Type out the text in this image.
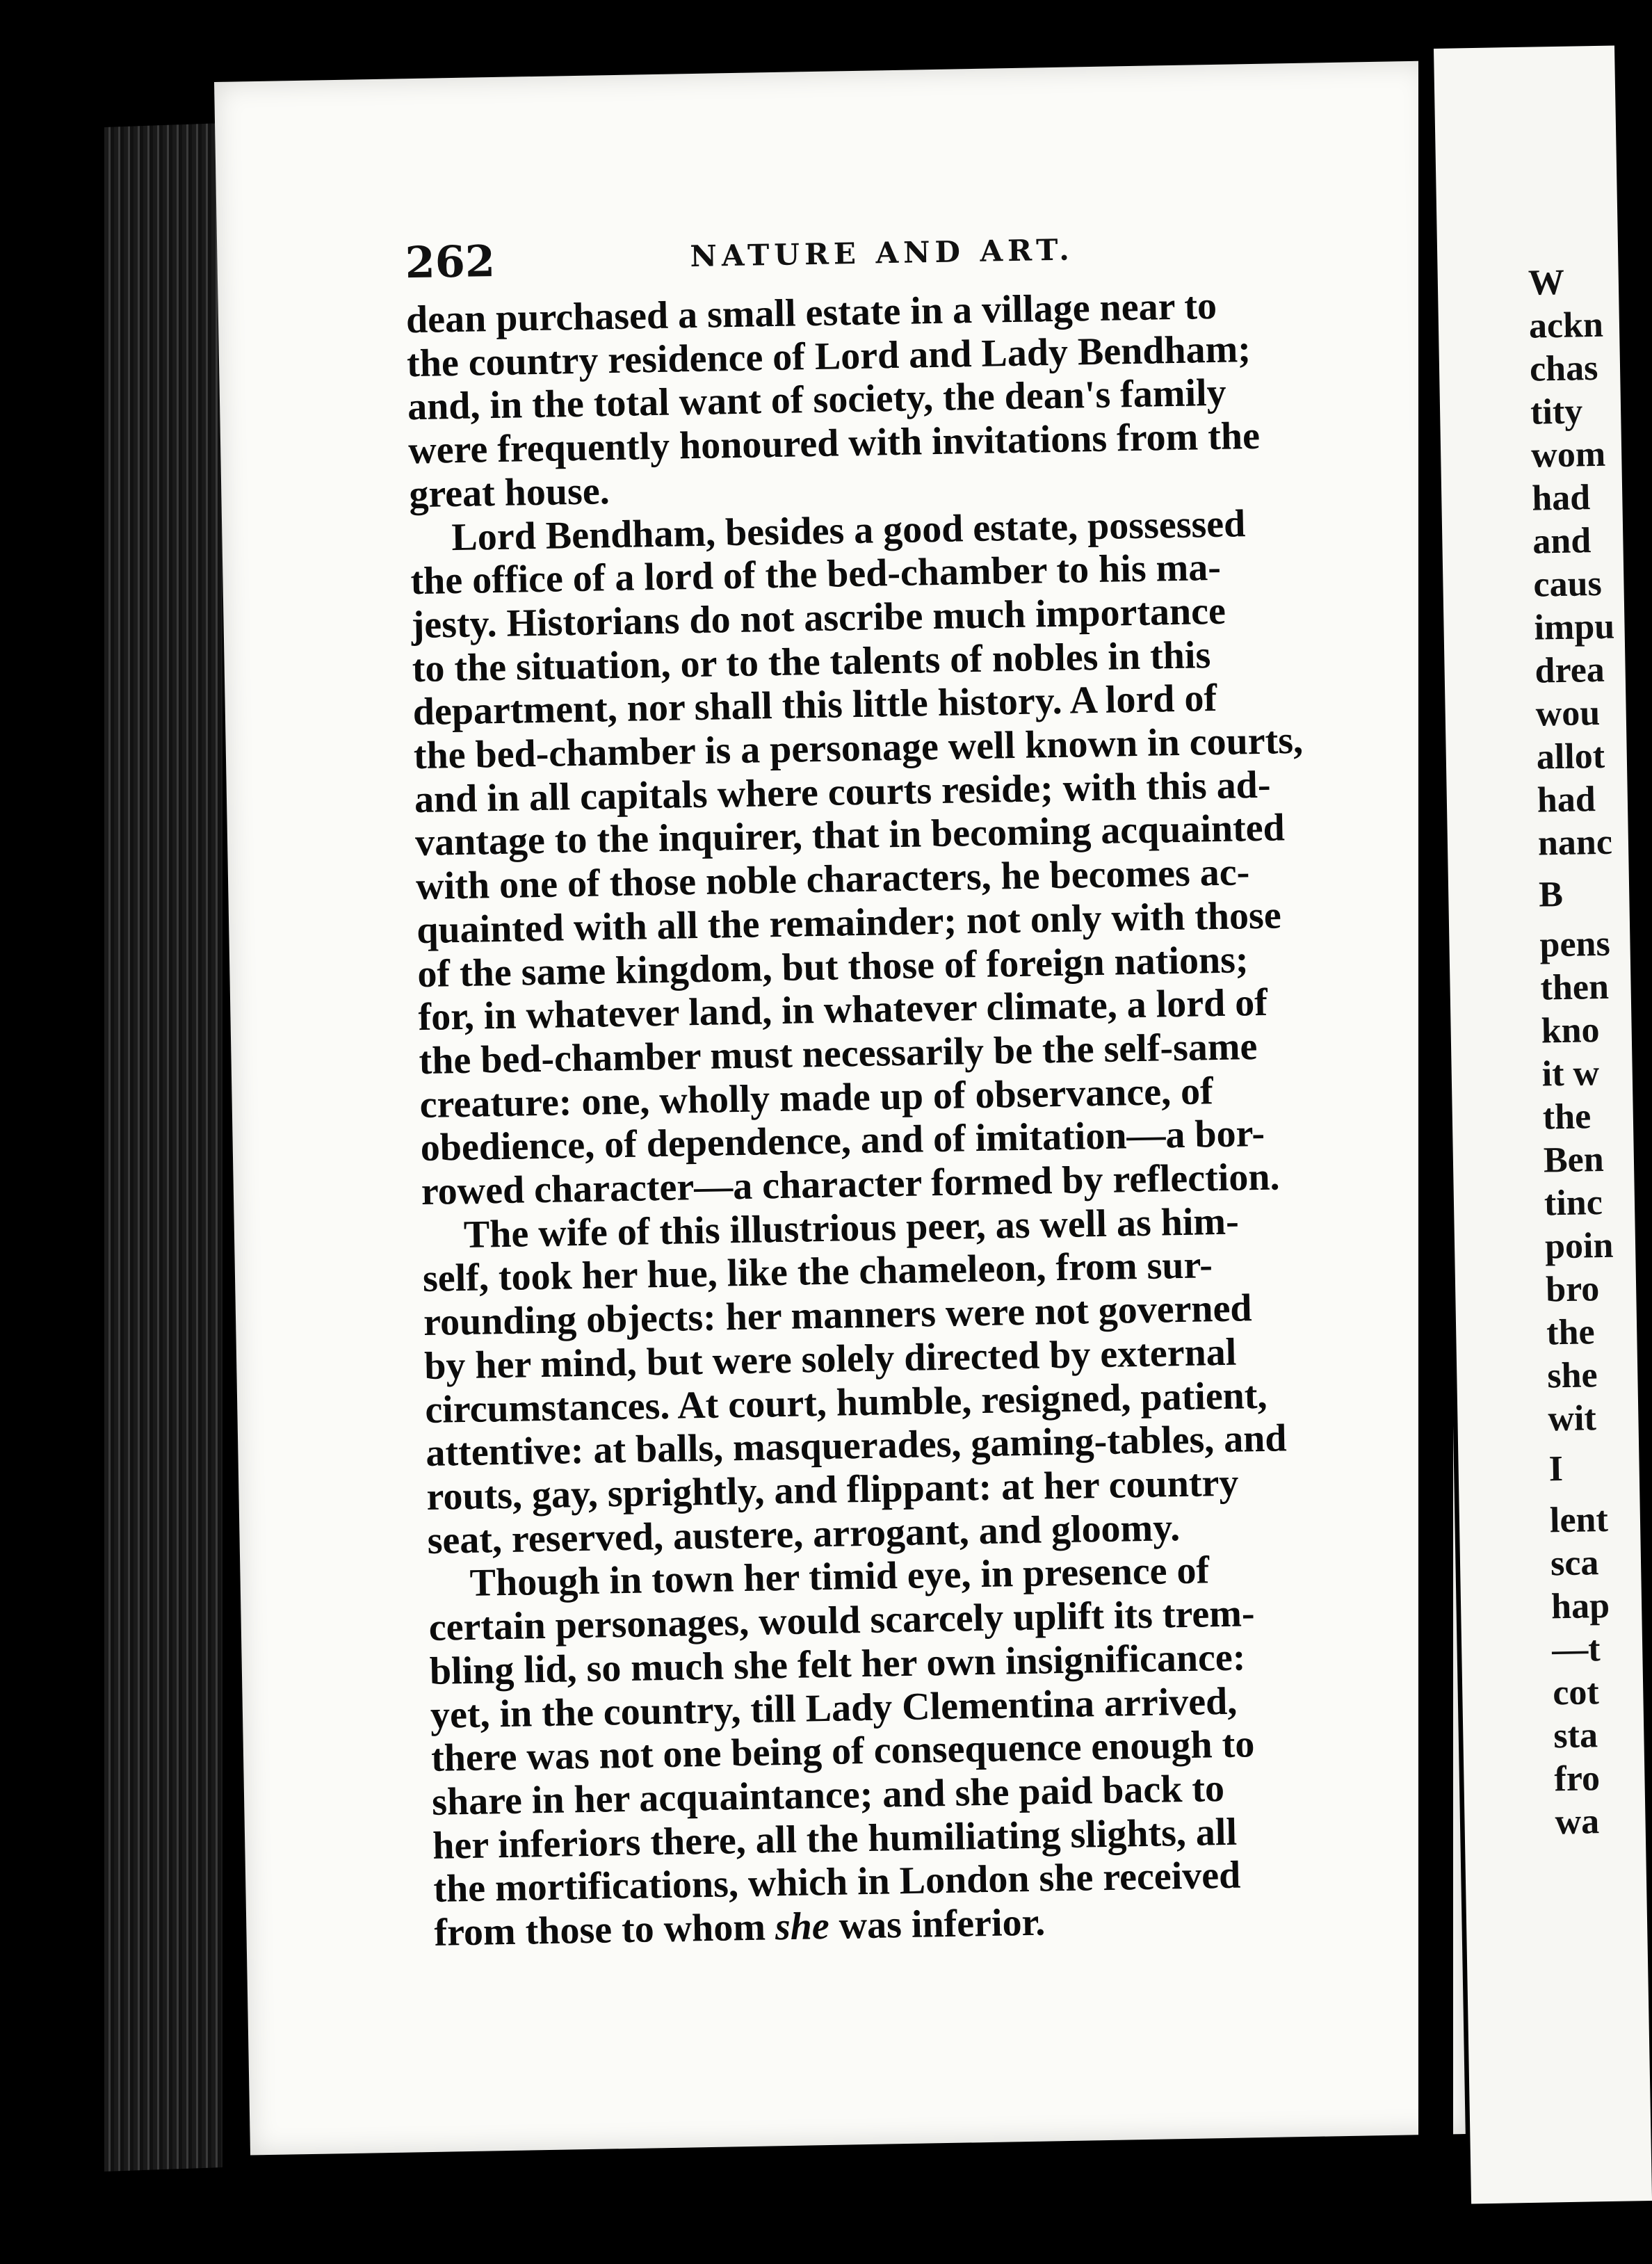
262	NATURE AND ART.
dean purchased a small estate in a village near to
the country residence of Lord and Lady Bendham;
and, in the total want of society, the dean's family
were frequently honoured with invitations from the
great house.
Lord Bendham, besides a good estate, possessed
the office of a lord of the bed-chamber to his ma-
jesty. Historians do not ascribe much importance
to the situation, or to the talents of nobles in this
department, nor shall this little history. A lord of
the bed-chamber is a personage well known in courts,
and in all capitals where courts reside; with this ad-
vantage to the inquirer, that in becoming acquainted
with one of those noble characters, he becomes ac-
quainted with all the remainder; not only with those
of the same kingdom, but those of foreign nations;
for, in whatever land, in whatever climate, a lord of
the bed-chamber must necessarily be the self-same
creature: one, wholly made up of observance, of
obedience, of dependence, and of imitation—a bor-
rowed character—a character formed by reflection.
The wife of this illustrious peer, as well as him-
self, took her hue, like the chameleon, from sur-
rounding objects: her manners were not governed
by her mind, but were solely directed by external
circumstances. At court, humble, resigned, patient,
attentive: at balls, masquerades, gaming-tables, and
routs, gay, sprightly, and flippant: at her country
seat, reserved, austere, arrogant, and gloomy.
Though in town her timid eye, in presence of
certain personages, would scarcely uplift its trem-
bling lid, so much she felt her own insignificance:
yet, in the country, till Lady Clementina arrived,
there was not one being of consequence enough to
share in her acquaintance; and she paid back to
her inferiors there, all the humiliating slights, all
the mortifications, which in London she received
from those to whom she was inferior.
W
ackn
chas
tity
wom
had
and
caus
impu
drea
wou
allot
had
nanc
B
pens
then
kno
it w
the
Ben
tinc
poin
bro
the
she
wit
I
lent
sca
hap
—t
cot
sta
fro
wa
